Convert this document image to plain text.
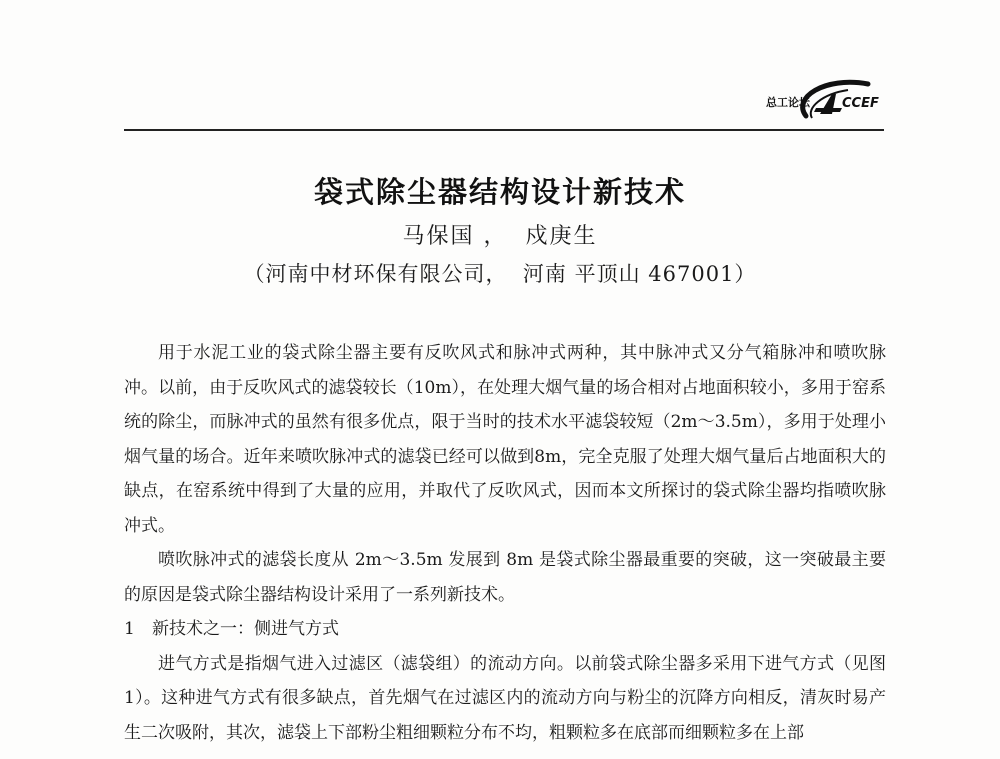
总工论坛 CCEF
袋式除尘器结构设计新技术
马保国 ，  戍庚生
（河南中材环保有限公司，  河南 平顶山 467001）

用于水泥工业的袋式除尘器主要有反吹风式和脉冲式两种，其中脉冲式又分气箱脉冲和喷吹脉冲。以前，由于反吹风式的滤袋较长（10m），在处理大烟气量的场合相对占地面积较小，多用于窑系统的除尘，而脉冲式的虽然有很多优点，限于当时的技术水平滤袋较短（2m～3.5m），多用于处理小烟气量的场合。近年来喷吹脉冲式的滤袋已经可以做到8m，完全克服了处理大烟气量后占地面积大的缺点，在窑系统中得到了大量的应用，并取代了反吹风式，因而本文所探讨的袋式除尘器均指喷吹脉冲式。

喷吹脉冲式的滤袋长度从 2m～3.5m 发展到 8m 是袋式除尘器最重要的突破，这一突破最主要的原因是袋式除尘器结构设计采用了一系列新技术。

1 新技术之一：侧进气方式

进气方式是指烟气进入过滤区（滤袋组）的流动方向。以前袋式除尘器多采用下进气方式（见图1）。这种进气方式有很多缺点，首先烟气在过滤区内的流动方向与粉尘的沉降方向相反，清灰时易产生二次吸附，其次，滤袋上下部粉尘粗细颗粒分布不均，粗颗粒多在底部而细颗粒多在上部
